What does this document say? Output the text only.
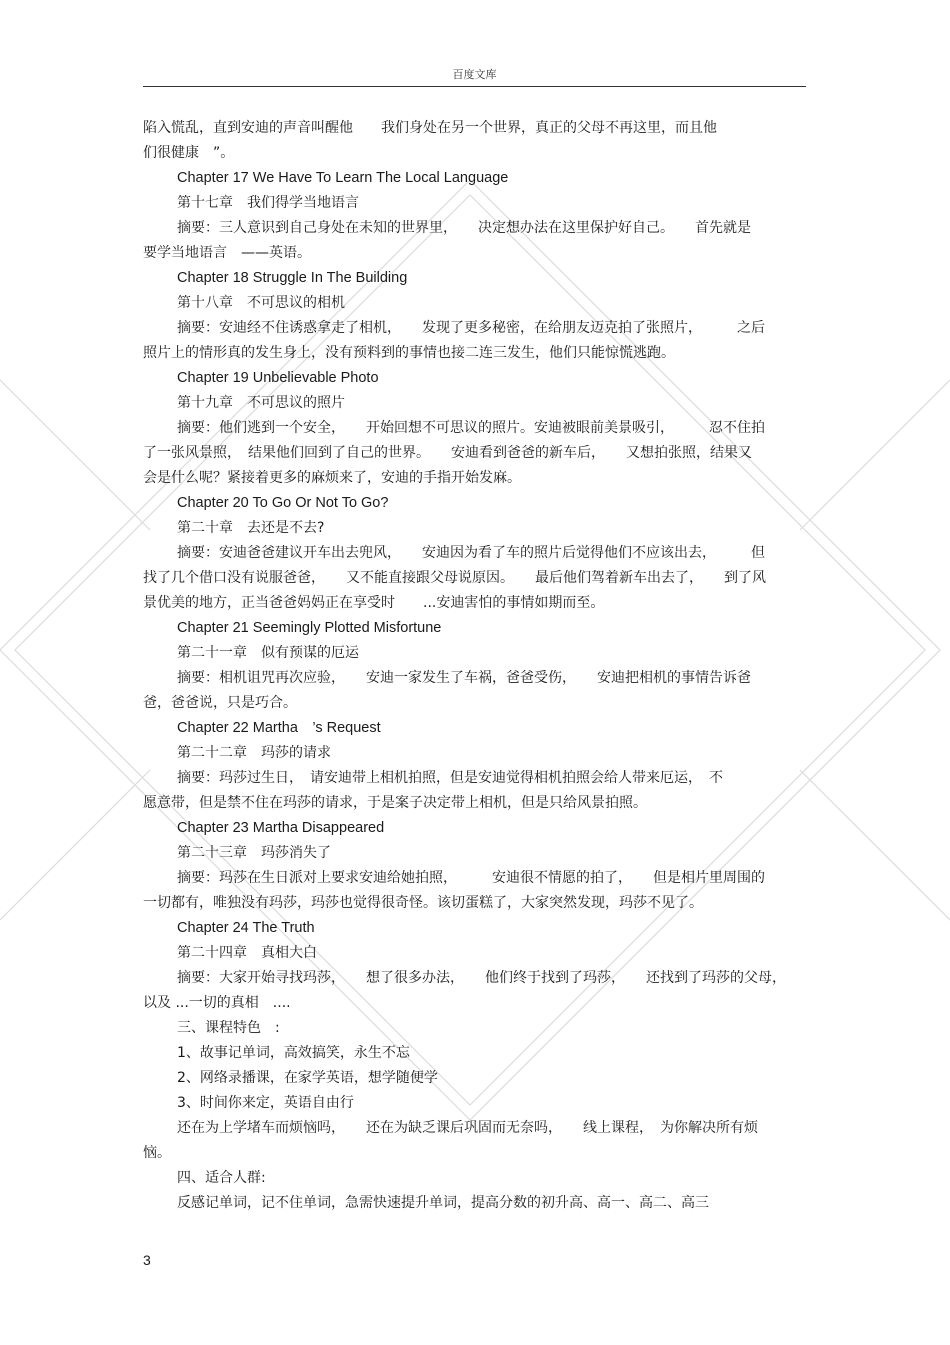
百度文库

陷入慌乱，直到安迪的声音叫醒他　　我们身处在另一个世界，真正的父母不再这里，而且他

们很健康　”。

Chapter 17 We Have To Learn The Local Language

第十七章　我们得学当地语言

摘要：三人意识到自己身处在未知的世界里，　　决定想办法在这里保护好自己。　　首先就是

要学当地语言　——英语。

Chapter 18 Struggle In The Building

第十八章　不可思议的相机

摘要：安迪经不住诱惑拿走了相机，　　发现了更多秘密，在给朋友迈克拍了张照片，　　　之后

照片上的情形真的发生身上，没有预料到的事情也接二连三发生，他们只能惊慌逃跑。

Chapter 19 Unbelievable Photo

第十九章　不可思议的照片

摘要：他们逃到一个安全，　　开始回想不可思议的照片。安迪被眼前美景吸引，　　　忍不住拍

了一张风景照，　结果他们回到了自己的世界。　　安迪看到爸爸的新车后，　　又想拍张照，结果又

会是什么呢？紧接着更多的麻烦来了，安迪的手指开始发麻。

Chapter 20 To Go Or Not To Go?

第二十章　去还是不去?

摘要：安迪爸爸建议开车出去兜风，　　安迪因为看了车的照片后觉得他们不应该出去，　　　但

找了几个借口没有说服爸爸，　　又不能直接跟父母说原因。　　最后他们驾着新车出去了，　　到了风

景优美的地方，正当爸爸妈妈正在享受时　　...安迪害怕的事情如期而至。

Chapter 21 Seemingly Plotted Misfortune

第二十一章　似有预谋的厄运

摘要：相机诅咒再次应验，　　安迪一家发生了车祸，爸爸受伤，　　安迪把相机的事情告诉爸

爸，爸爸说，只是巧合。

Chapter 22 Martha　’s Request

第二十二章　玛莎的请求

摘要：玛莎过生日，　请安迪带上相机拍照，但是安迪觉得相机拍照会给人带来厄运，　不

愿意带，但是禁不住在玛莎的请求，于是案子决定带上相机，但是只给风景拍照。

Chapter 23 Martha Disappeared

第二十三章　玛莎消失了

摘要：玛莎在生日派对上要求安迪给她拍照，　　　安迪很不情愿的拍了，　　但是相片里周围的

一切都有，唯独没有玛莎，玛莎也觉得很奇怪。该切蛋糕了，大家突然发现，玛莎不见了。

Chapter 24 The Truth

第二十四章　真相大白

摘要：大家开始寻找玛莎，　　想了很多办法，　　他们终于找到了玛莎，　　还找到了玛莎的父母，

以及 ...一切的真相　....

三、课程特色　:

1、故事记单词，高效搞笑，永生不忘

2、网络录播课，在家学英语，想学随便学

3、时间你来定，英语自由行

还在为上学堵车而烦恼吗，　　还在为缺乏课后巩固而无奈吗，　　线上课程，　为你解决所有烦

恼。

四、适合人群:

反感记单词，记不住单词，急需快速提升单词，提高分数的初升高、高一、高二、高三

3
